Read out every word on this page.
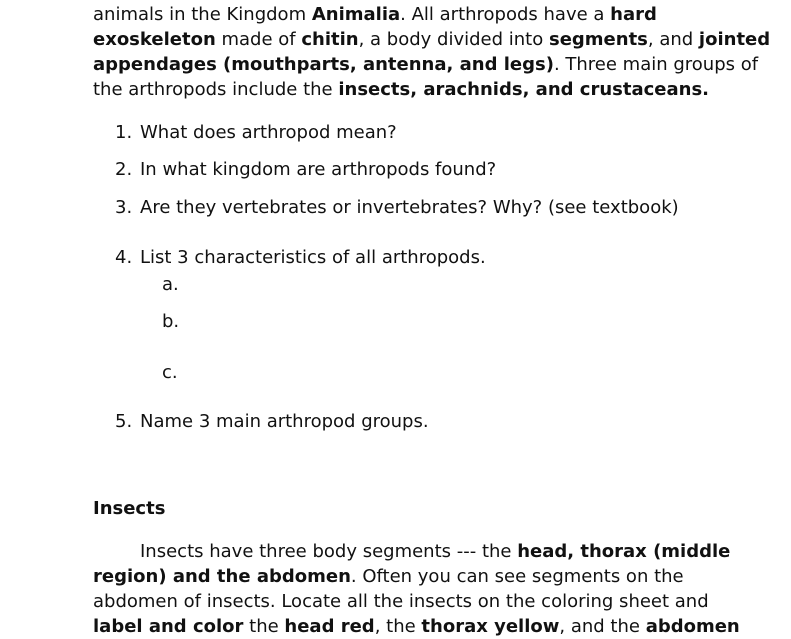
animals in the Kingdom Animalia. All arthropods have a hard
exoskeleton made of chitin, a body divided into segments, and jointed
appendages (mouthparts, antenna, and legs). Three main groups of
the arthropods include the insects, arachnids, and crustaceans.
1. What does arthropod mean?
2. In what kingdom are arthropods found?
3. Are they vertebrates or invertebrates? Why? (see textbook)
4. List 3 characteristics of all arthropods.
a.
b.
c.
5. Name 3 main arthropod groups.
Insects
Insects have three body segments --- the head, thorax (middle
region) and the abdomen. Often you can see segments on the
abdomen of insects. Locate all the insects on the coloring sheet and
label and color the head red, the thorax yellow, and the abdomen
